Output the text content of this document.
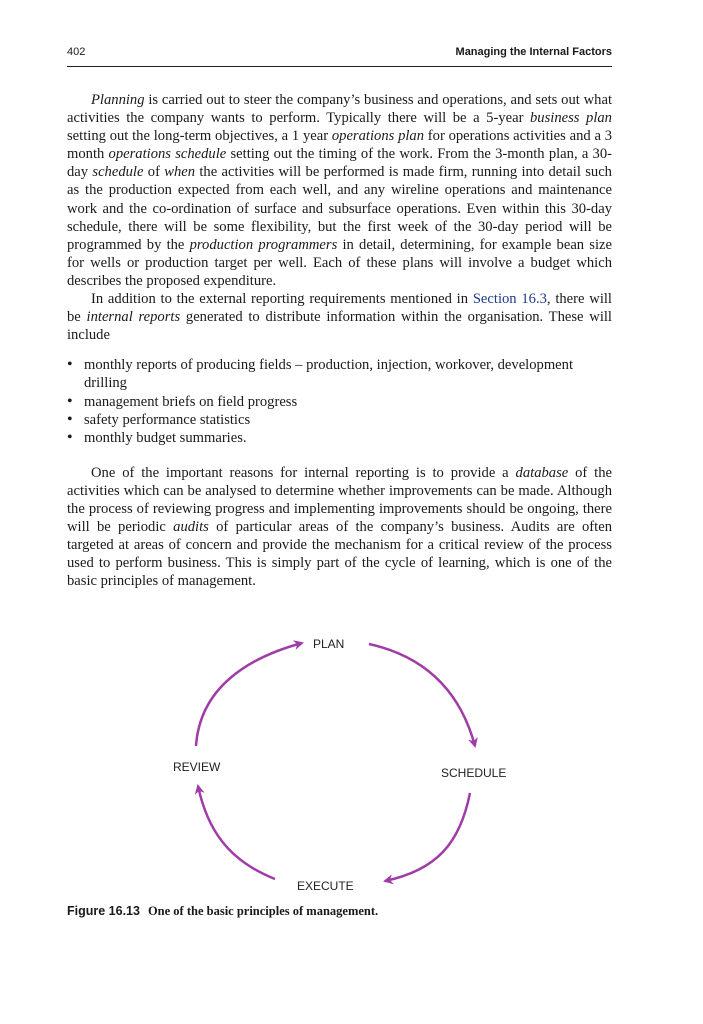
402	Managing the Internal Factors

Planning is carried out to steer the company’s business and operations, and sets out what activities the company wants to perform. Typically there will be a 5-year business plan setting out the long-term objectives, a 1 year operations plan for operations activities and a 3 month operations schedule setting out the timing of the work. From the 3-month plan, a 30-day schedule of when the activities will be performed is made firm, running into detail such as the production expected from each well, and any wireline operations and maintenance work and the co-ordination of surface and subsurface operations. Even within this 30-day schedule, there will be some flexibility, but the first week of the 30-day period will be programmed by the production programmers in detail, determining, for example bean size for wells or production target per well. Each of these plans will involve a budget which describes the proposed expenditure.

In addition to the external reporting requirements mentioned in Section 16.3, there will be internal reports generated to distribute information within the organisation. These will include

• monthly reports of producing fields – production, injection, workover, development drilling
• management briefs on field progress
• safety performance statistics
• monthly budget summaries.

One of the important reasons for internal reporting is to provide a database of the activities which can be analysed to determine whether improvements can be made. Although the process of reviewing progress and implementing improvements should be ongoing, there will be periodic audits of particular areas of the company’s business. Audits are often targeted at areas of concern and provide the mechanism for a critical review of the process used to perform business. This is simply part of the cycle of learning, which is one of the basic principles of management.

PLAN
SCHEDULE
EXECUTE
REVIEW
Figure 16.13 One of the basic principles of management.
